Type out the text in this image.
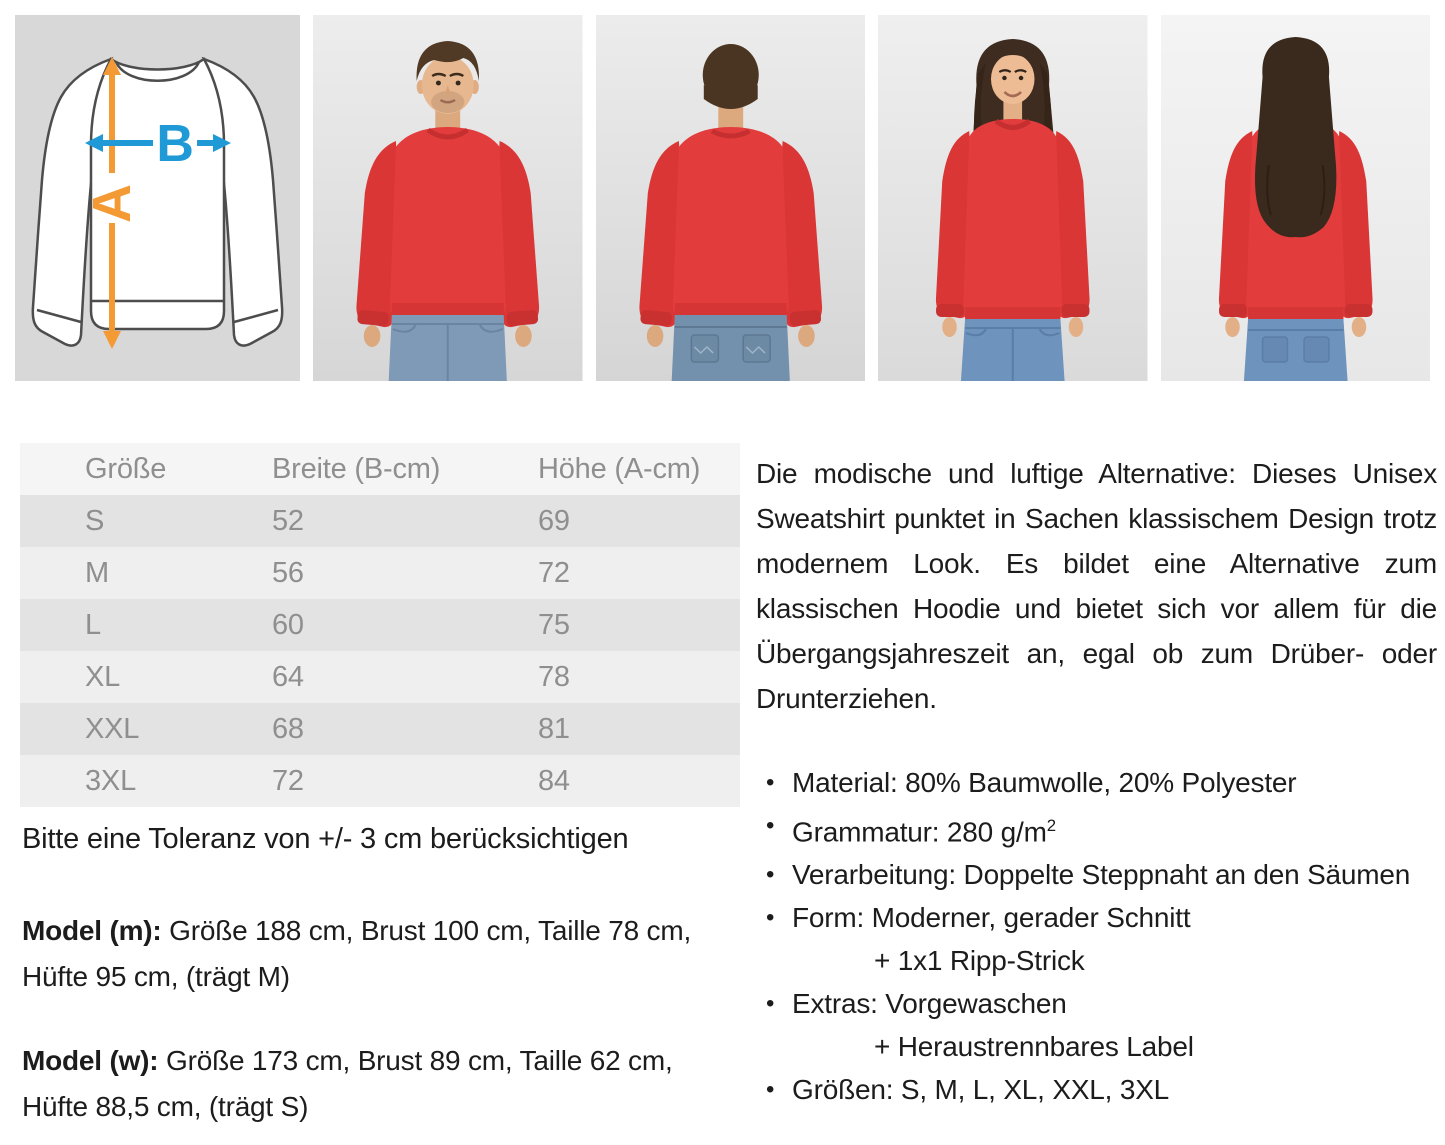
A
B
Größe	Breite (B-cm)	Höhe (A-cm)
S	52	69
M	56	72
L	60	75
XL	64	78
XXL	68	81
3XL	72	84

Bitte eine Toleranz von +/- 3 cm berücksichtigen

Model (m): Größe 188 cm, Brust 100 cm, Taille 78 cm, Hüfte 95 cm, (trägt M)

Model (w): Größe 173 cm, Brust 89 cm, Taille 62 cm, Hüfte 88,5 cm, (trägt S)

Die modische und luftige Alternative: Dieses Unisex Sweatshirt punktet in Sachen klassischem Design trotz modernem Look. Es bildet eine Alternative zum klassischen Hoodie und bietet sich vor allem für die Übergangsjahreszeit an, egal ob zum Drüber- oder Drunterziehen.

• Material: 80% Baumwolle, 20% Polyester
• Grammatur: 280 $g/m^2$
• Verarbeitung: Doppelte Steppnaht an den Säumen
• Form: Moderner, gerader Schnitt
+ 1x1 Ripp-Strick
• Extras: Vorgewaschen
+ Heraustrennbares Label
• Größen: S, M, L, XL, XXL, 3XL
